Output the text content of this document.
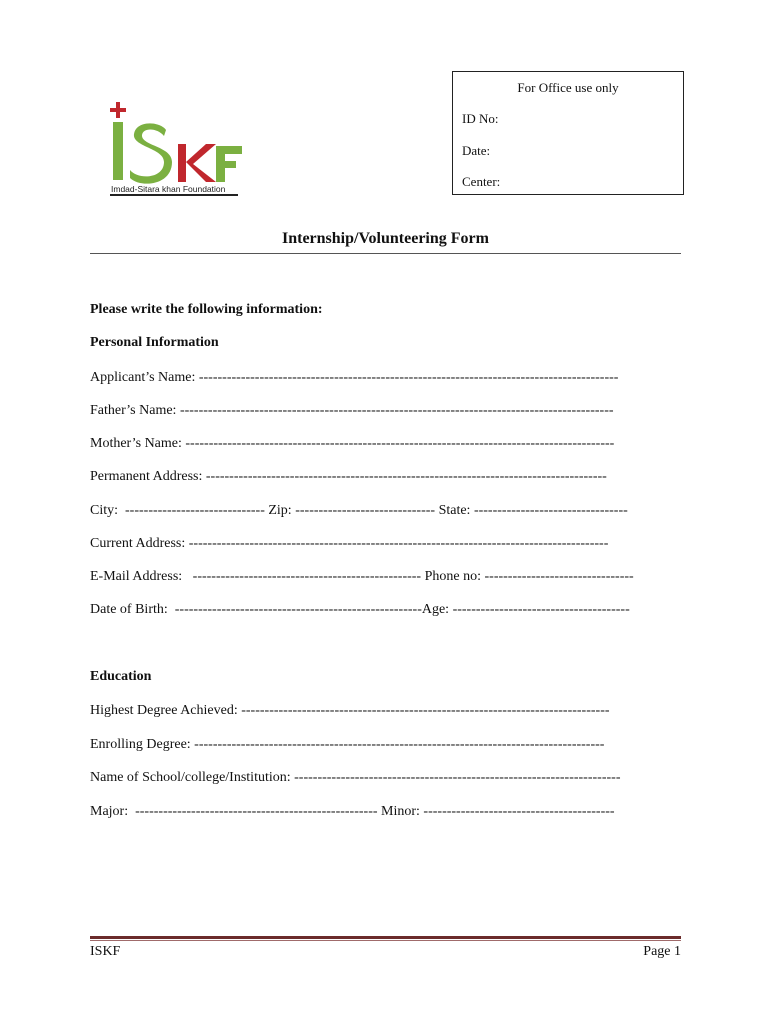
Imdad-Sitara khan Foundation
For Office use only
ID No:
Date:
Center:
Internship/Volunteering Form
Please write the following information:
Personal Information
Applicant’s Name: ------------------------------------------------------------------------------------------
Father’s Name: ---------------------------------------------------------------------------------------------
Mother’s Name: --------------------------------------------------------------------------------------------
Permanent Address: --------------------------------------------------------------------------------------
City:  ------------------------------ Zip: ------------------------------ State: ---------------------------------
Current Address: ------------------------------------------------------------------------------------------
E-Mail Address:   ------------------------------------------------- Phone no: --------------------------------
Date of Birth:  -----------------------------------------------------Age: --------------------------------------
Education
Highest Degree Achieved: -------------------------------------------------------------------------------
Enrolling Degree: ----------------------------------------------------------------------------------------
Name of School/college/Institution: ----------------------------------------------------------------------
Major:  ---------------------------------------------------- Minor: -----------------------------------------
ISKF	Page 1
